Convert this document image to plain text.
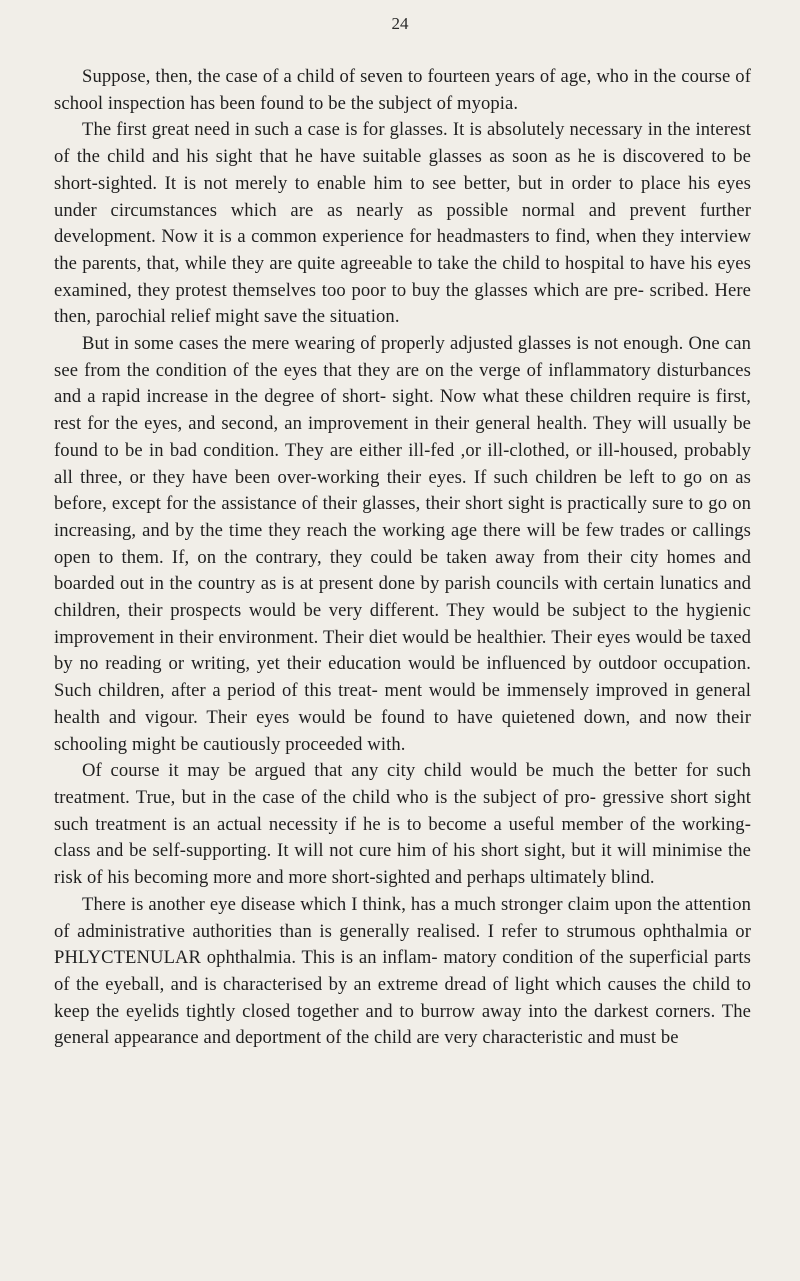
24

Suppose, then, the case of a child of seven to fourteen years of age, who in the course of school inspection has been found to be the subject of myopia.

The first great need in such a case is for glasses. It is absolutely necessary in the interest of the child and his sight that he have suitable glasses as soon as he is discovered to be short-sighted. It is not merely to enable him to see better, but in order to place his eyes under circumstances which are as nearly as possible normal and prevent further development. Now it is a common experience for headmasters to find, when they interview the parents, that, while they are quite agreeable to take the child to hospital to have his eyes examined, they protest themselves too poor to buy the glasses which are pre- scribed. Here then, parochial relief might save the situation.

But in some cases the mere wearing of properly adjusted glasses is not enough. One can see from the condition of the eyes that they are on the verge of inflammatory disturbances and a rapid increase in the degree of short- sight. Now what these children require is first, rest for the eyes, and second, an improvement in their general health. They will usually be found to be in bad condition. They are either ill-fed ,or ill-clothed, or ill-housed, probably all three, or they have been over-working their eyes. If such children be left to go on as before, except for the assistance of their glasses, their short sight is practically sure to go on increasing, and by the time they reach the working age there will be few trades or callings open to them. If, on the contrary, they could be taken away from their city homes and boarded out in the country as is at present done by parish councils with certain lunatics and children, their prospects would be very different. They would be subject to the hygienic improvement in their environment. Their diet would be healthier. Their eyes would be taxed by no reading or writing, yet their education would be influenced by outdoor occupation. Such children, after a period of this treat- ment would be immensely improved in general health and vigour. Their eyes would be found to have quietened down, and now their schooling might be cautiously proceeded with.

Of course it may be argued that any city child would be much the better for such treatment. True, but in the case of the child who is the subject of pro- gressive short sight such treatment is an actual necessity if he is to become a useful member of the working-class and be self-supporting. It will not cure him of his short sight, but it will minimise the risk of his becoming more and more short-sighted and perhaps ultimately blind.

There is another eye disease which I think, has a much stronger claim upon the attention of administrative authorities than is generally realised. I refer to strumous ophthalmia or PHLYCTENULAR ophthalmia. This is an inflam- matory condition of the superficial parts of the eyeball, and is characterised by an extreme dread of light which causes the child to keep the eyelids tightly closed together and to burrow away into the darkest corners. The general appearance and deportment of the child are very characteristic and must be
